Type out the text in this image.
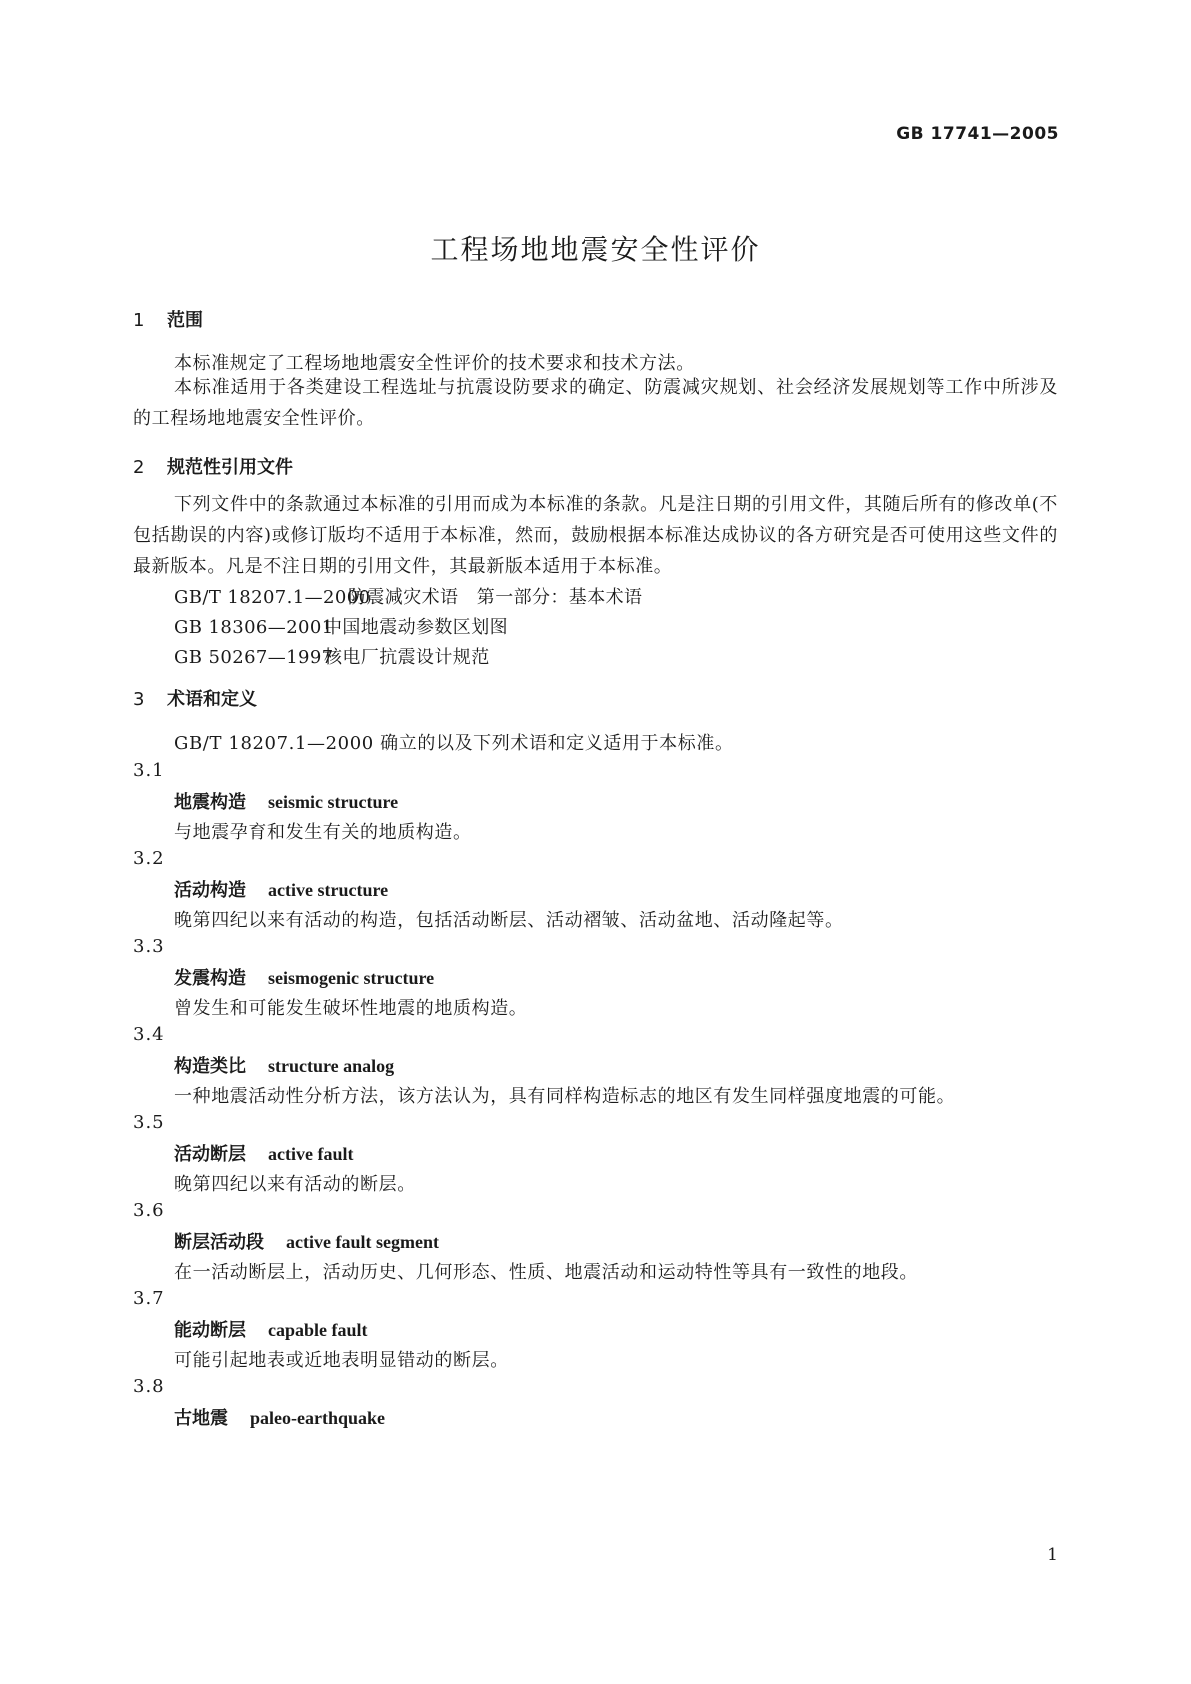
GB 17741—2005
工程场地地震安全性评价
1 范围
本标准规定了工程场地地震安全性评价的技术要求和技术方法。
本标准适用于各类建设工程选址与抗震设防要求的确定、防震减灾规划、社会经济发展规划等工作中所涉及的工程场地地震安全性评价。
2 规范性引用文件
下列文件中的条款通过本标准的引用而成为本标准的条款。凡是注日期的引用文件，其随后所有的修改单(不包括勘误的内容)或修订版均不适用于本标准，然而，鼓励根据本标准达成协议的各方研究是否可使用这些文件的最新版本。凡是不注日期的引用文件，其最新版本适用于本标准。
GB/T 18207.1—2000防震减灾术语　第一部分：基本术语
GB 18306—2001中国地震动参数区划图
GB 50267—1997核电厂抗震设计规范
3 术语和定义
GB/T 18207.1—2000 确立的以及下列术语和定义适用于本标准。
3.1
地震构造 seismic structure
与地震孕育和发生有关的地质构造。
3.2
活动构造 active structure
晚第四纪以来有活动的构造，包括活动断层、活动褶皱、活动盆地、活动隆起等。
3.3
发震构造 seismogenic structure
曾发生和可能发生破坏性地震的地质构造。
3.4
构造类比 structure analog
一种地震活动性分析方法，该方法认为，具有同样构造标志的地区有发生同样强度地震的可能。
3.5
活动断层 active fault
晚第四纪以来有活动的断层。
3.6
断层活动段 active fault segment
在一活动断层上，活动历史、几何形态、性质、地震活动和运动特性等具有一致性的地段。
3.7
能动断层 capable fault
可能引起地表或近地表明显错动的断层。
3.8
古地震 paleo-earthquake
1
